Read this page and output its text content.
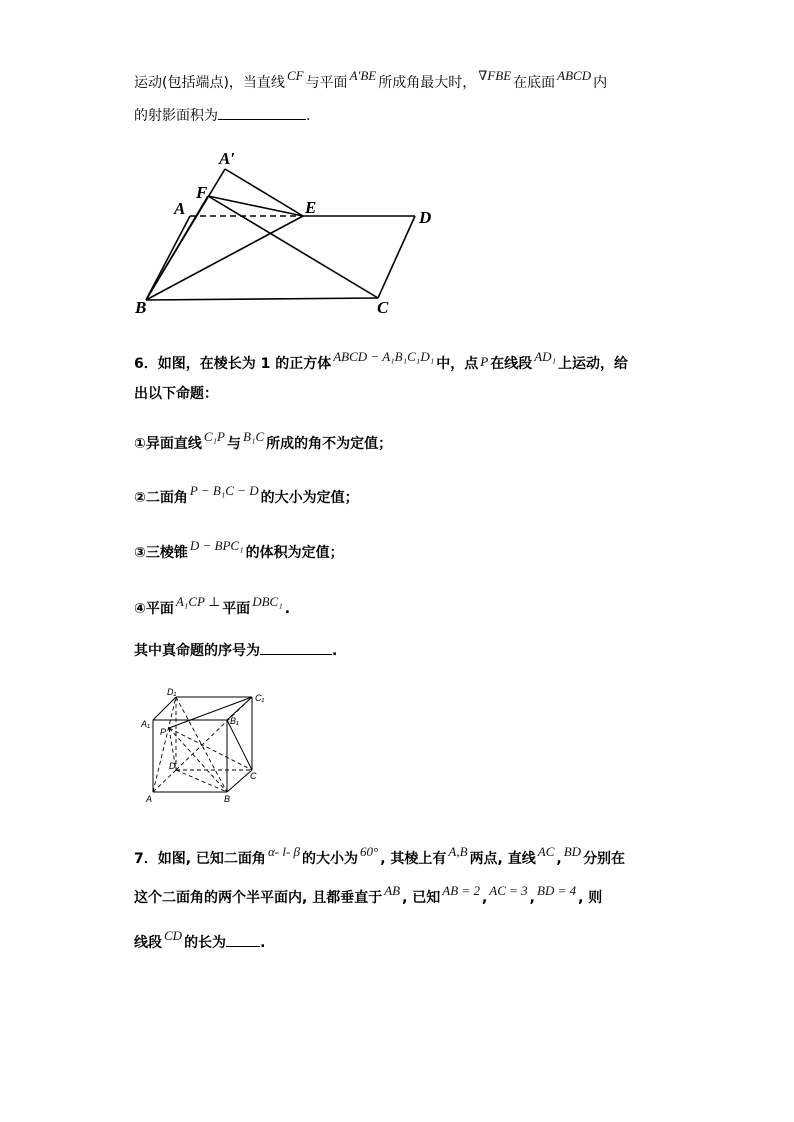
运动(包括端点)，当直线 CF 与平面 A′BE 所成角最大时， ∇FBE 在底面 ABCD 内
的射影面积为	.
A′
F
A	E
D
B	C
6．如图，在棱长为 1 的正方体 ABCD − A₁B₁C₁D₁ 中，点 P 在线段 AD₁ 上运动，给
出以下命题：
①异面直线 C₁P 与 B₁C 所成的角不为定值；
②二面角 P − B₁C − D 的大小为定值；
③三棱锥 D − BPC₁ 的体积为定值；
④平面 A₁CP ⊥ 平面 DBC₁ .
其中真命题的序号为	.
D₁
C₁
A₁	B₁
P
D
C
A	B
7．如图, 已知二面角 α- l- β 的大小为 60° , 其棱上有 A,B 两点, 直线 AC , BD 分别在
这个二面角的两个半平面内, 且都垂直于 AB , 已知 AB = 2 , AC = 3 , BD = 4 , 则
线段 CD 的长为 .
